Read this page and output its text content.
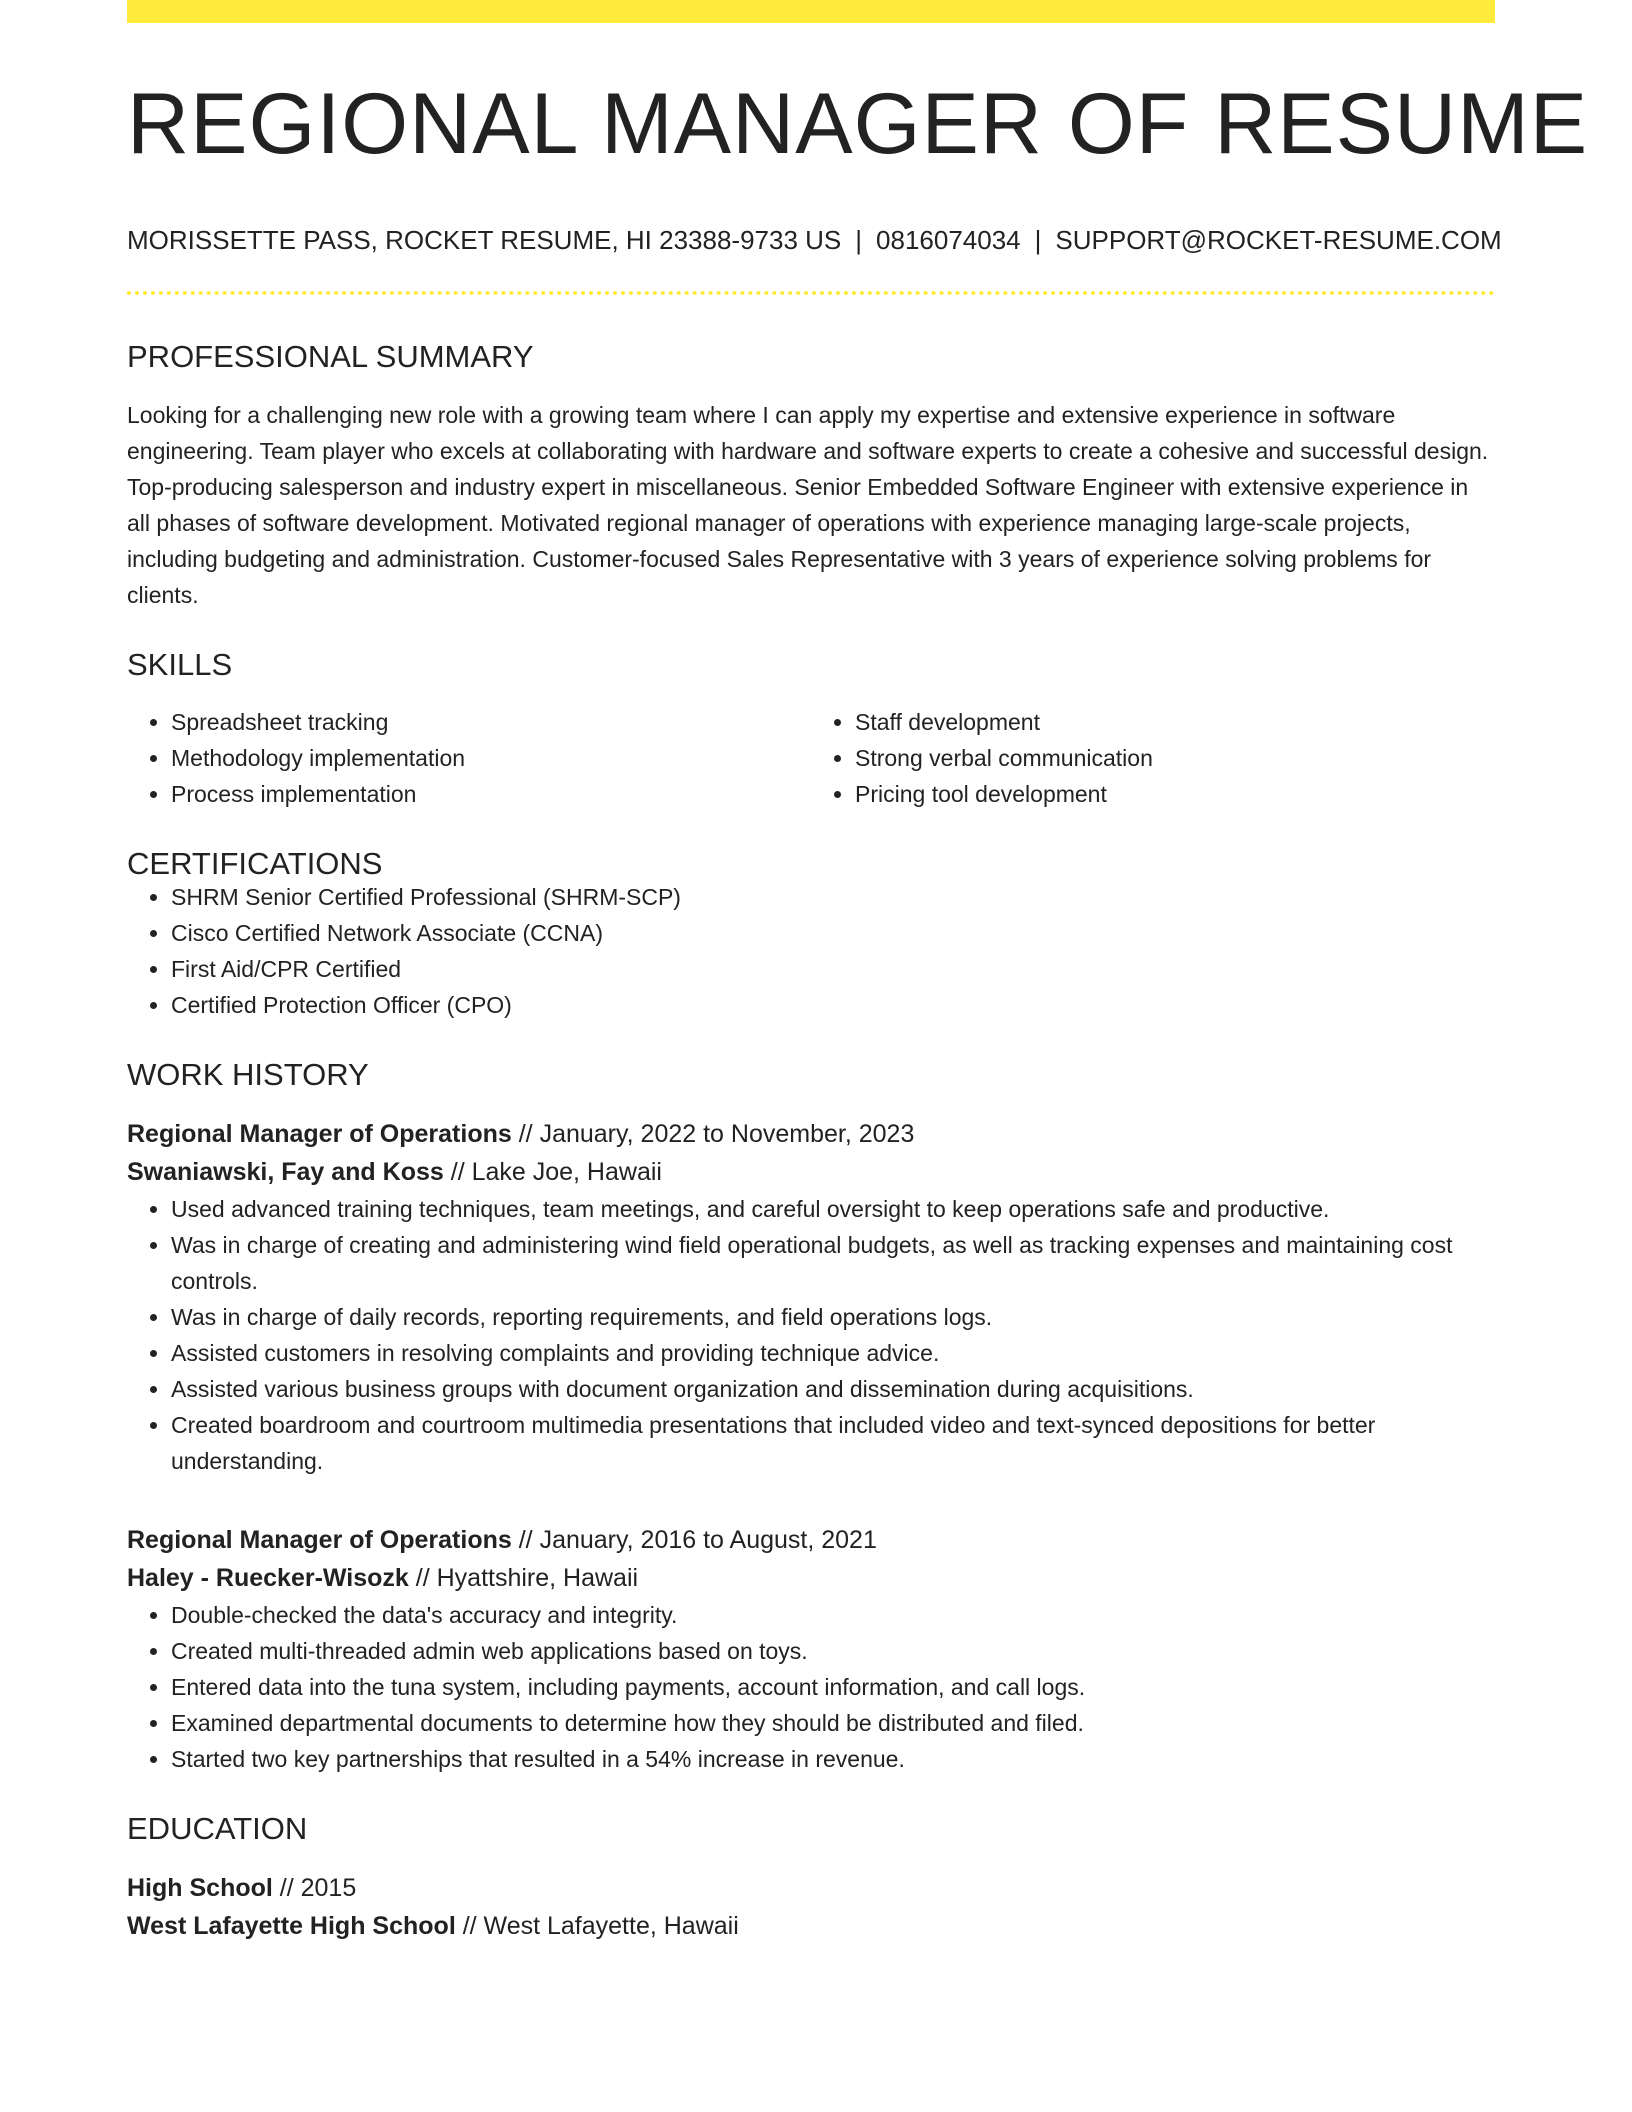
REGIONAL MANAGER OF RESUME
MORISSETTE PASS, ROCKET RESUME, HI 23388-9733 US | 0816074034 | SUPPORT@ROCKET-RESUME.COM
PROFESSIONAL SUMMARY

Looking for a challenging new role with a growing team where I can apply my expertise and extensive experience in software engineering. Team player who excels at collaborating with hardware and software experts to create a cohesive and successful design. Top-producing salesperson and industry expert in miscellaneous. Senior Embedded Software Engineer with extensive experience in all phases of software development. Motivated regional manager of operations with experience managing large-scale projects, including budgeting and administration. Customer-focused Sales Representative with 3 years of experience solving problems for clients.

SKILLS
• Spreadsheet tracking
• Methodology implementation
• Process implementation
• Staff development
• Strong verbal communication
• Pricing tool development
CERTIFICATIONS
• SHRM Senior Certified Professional (SHRM-SCP)
• Cisco Certified Network Associate (CCNA)
• First Aid/CPR Certified
• Certified Protection Officer (CPO)
WORK HISTORY
Regional Manager of Operations // January, 2022 to November, 2023
Swaniawski, Fay and Koss // Lake Joe, Hawaii
• Used advanced training techniques, team meetings, and careful oversight to keep operations safe and productive.
• Was in charge of creating and administering wind field operational budgets, as well as tracking expenses and maintaining cost controls.
• Was in charge of daily records, reporting requirements, and field operations logs.
• Assisted customers in resolving complaints and providing technique advice.
• Assisted various business groups with document organization and dissemination during acquisitions.
• Created boardroom and courtroom multimedia presentations that included video and text-synced depositions for better understanding.
Regional Manager of Operations // January, 2016 to August, 2021
Haley - Ruecker-Wisozk // Hyattshire, Hawaii
• Double-checked the data's accuracy and integrity.
• Created multi-threaded admin web applications based on toys.
• Entered data into the tuna system, including payments, account information, and call logs.
• Examined departmental documents to determine how they should be distributed and filed.
• Started two key partnerships that resulted in a 54% increase in revenue.
EDUCATION
High School // 2015
West Lafayette High School // West Lafayette, Hawaii
